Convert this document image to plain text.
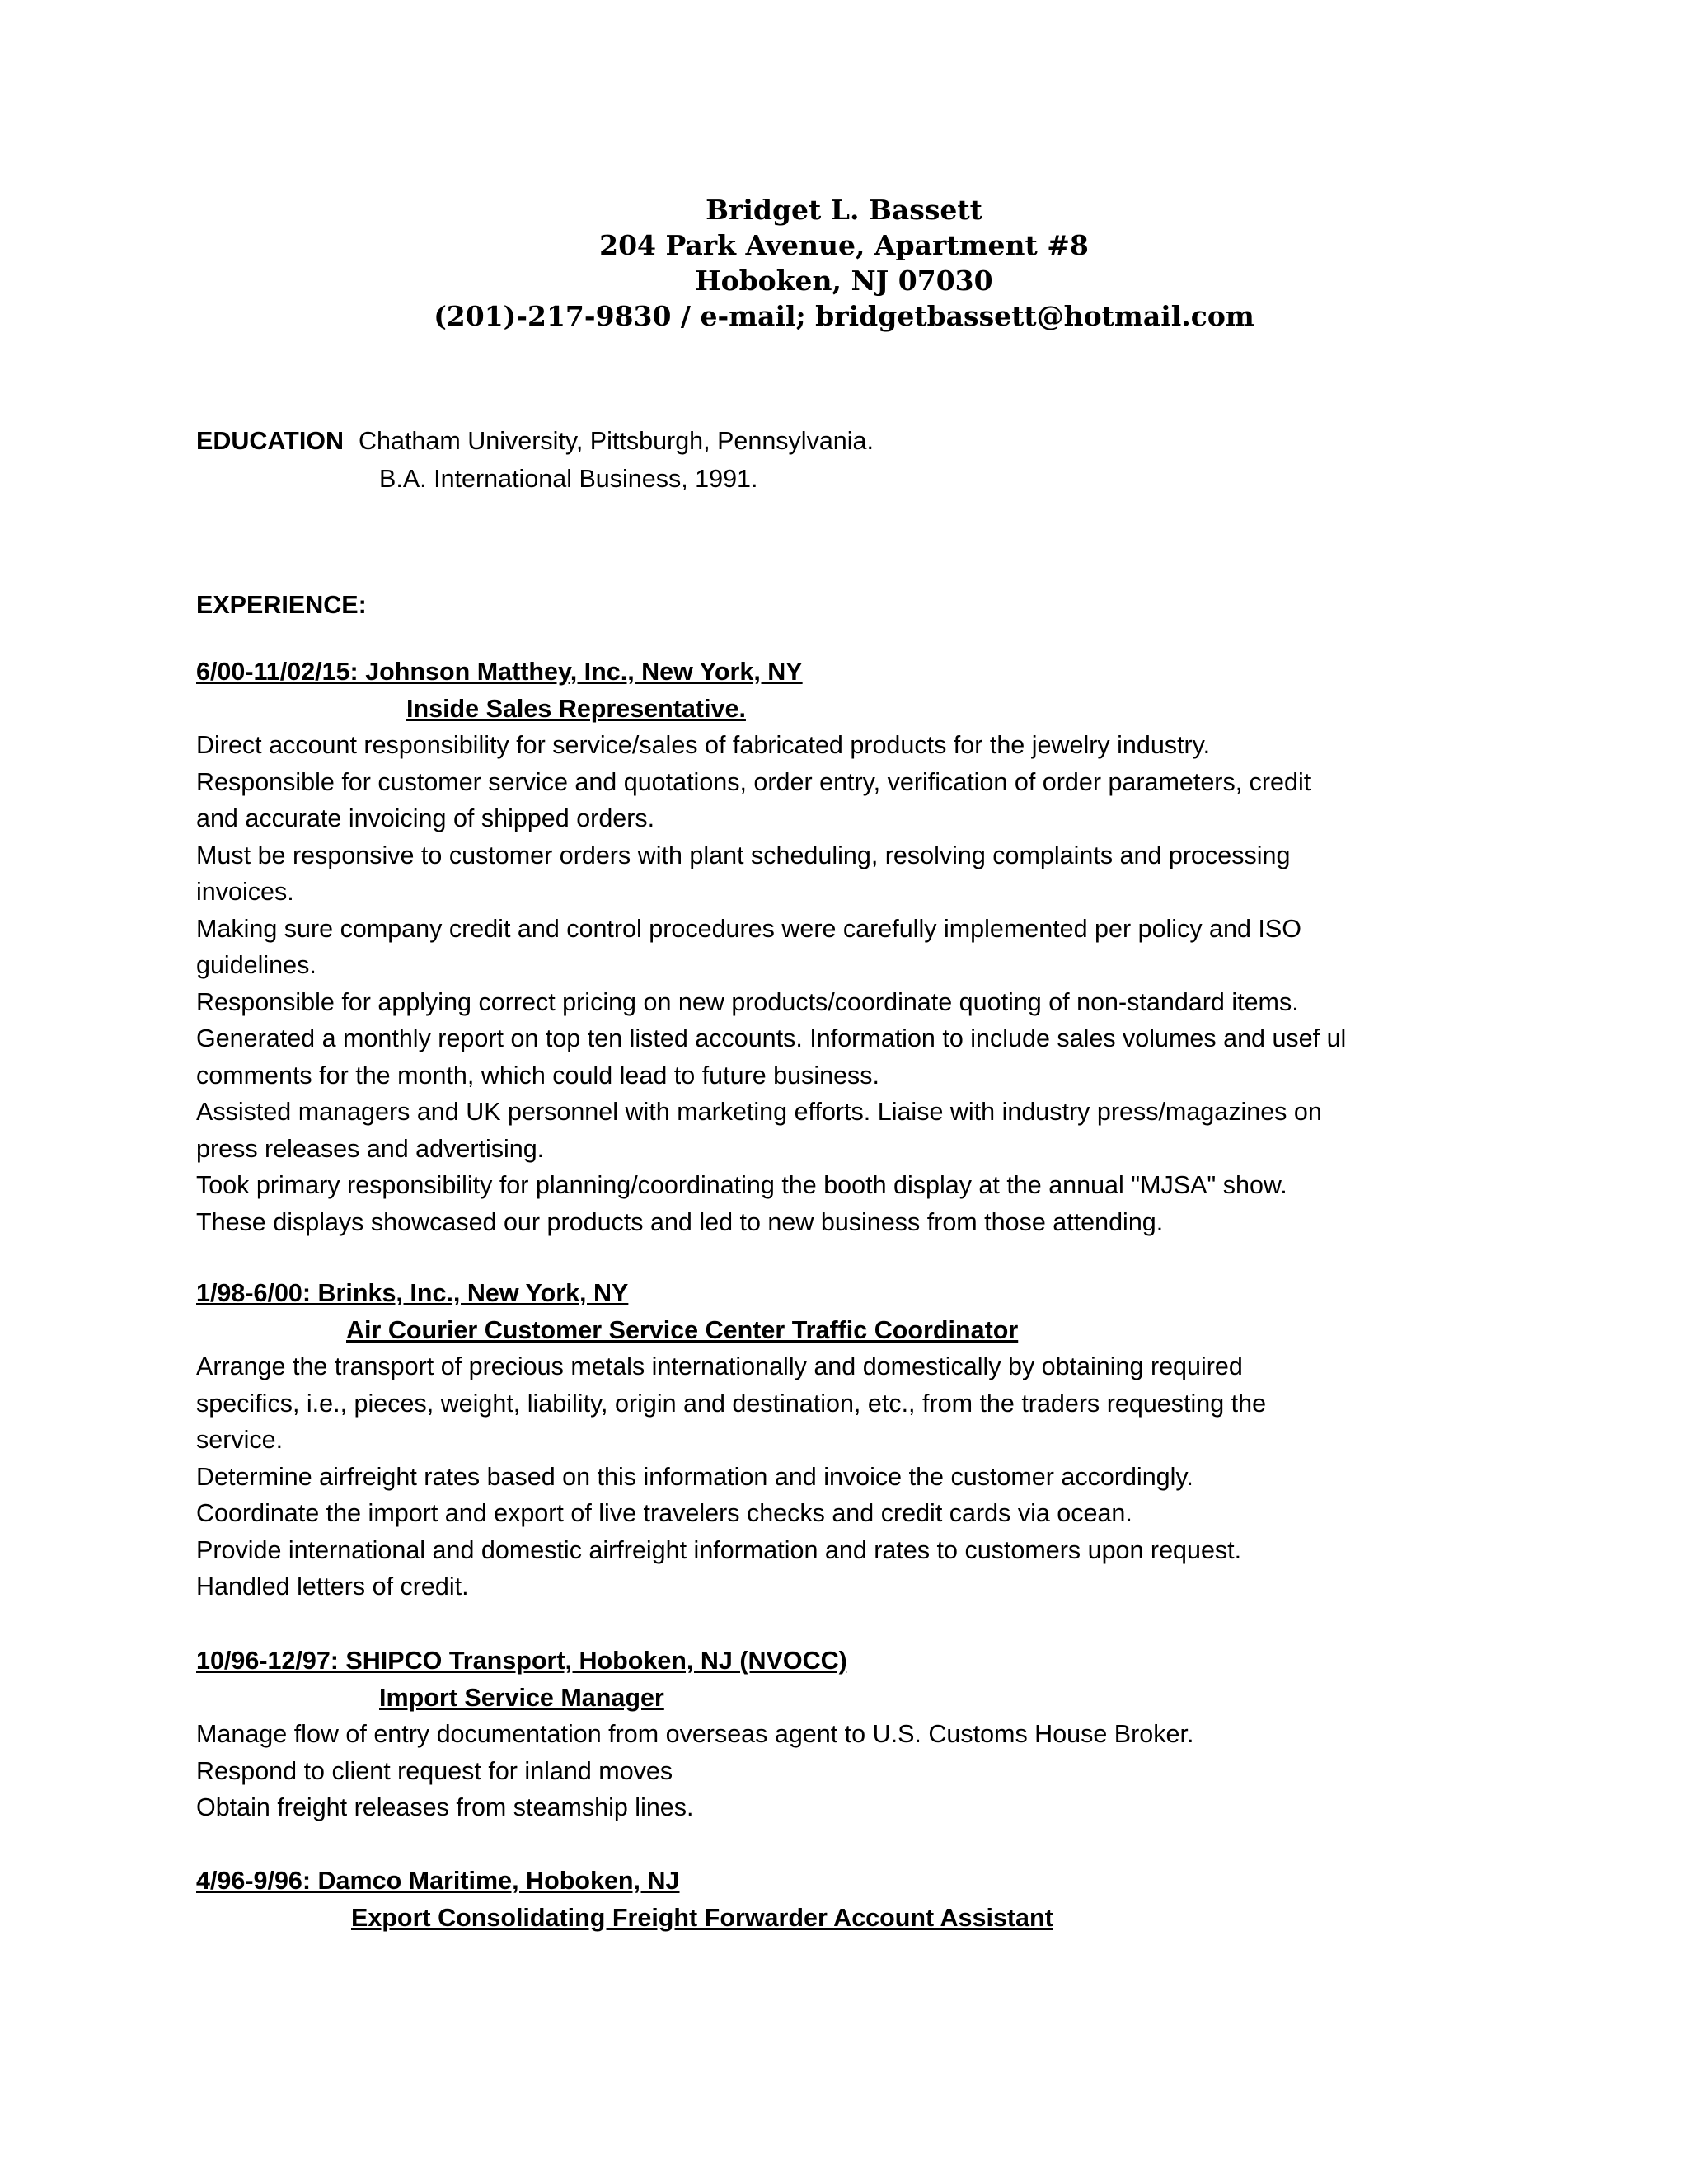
Bridget L. Bassett
204 Park Avenue, Apartment #8
Hoboken, NJ 07030
(201)-217-9830 / e-mail; bridgetbassett@hotmail.com
EDUCATION Chatham University, Pittsburgh, Pennsylvania.
B.A. International Business, 1991.
EXPERIENCE:
6/00-11/02/15: Johnson Matthey, Inc., New York, NY
Inside Sales Representative.
Direct account responsibility for service/sales of fabricated products for the jewelry industry.
Responsible for customer service and quotations, order entry, verification of order parameters, credit
and accurate invoicing of shipped orders.
Must be responsive to customer orders with plant scheduling, resolving complaints and processing
invoices.
Making sure company credit and control procedures were carefully implemented per policy and ISO
guidelines.
Responsible for applying correct pricing on new products/coordinate quoting of non-standard items.
Generated a monthly report on top ten listed accounts. Information to include sales volumes and usef ul
comments for the month, which could lead to future business.
Assisted managers and UK personnel with marketing efforts. Liaise with industry press/magazines on
press releases and advertising.
Took primary responsibility for planning/coordinating the booth display at the annual "MJSA" show.
These displays showcased our products and led to new business from those attending.
1/98-6/00: Brinks, Inc., New York, NY
Air Courier Customer Service Center Traffic Coordinator
Arrange the transport of precious metals internationally and domestically by obtaining required
specifics, i.e., pieces, weight, liability, origin and destination, etc., from the traders requesting the
service.
Determine airfreight rates based on this information and invoice the customer accordingly.
Coordinate the import and export of live travelers checks and credit cards via ocean.
Provide international and domestic airfreight information and rates to customers upon request.
Handled letters of credit.
10/96-12/97: SHIPCO Transport, Hoboken, NJ (NVOCC)
Import Service Manager
Manage flow of entry documentation from overseas agent to U.S. Customs House Broker.
Respond to client request for inland moves
Obtain freight releases from steamship lines.
4/96-9/96: Damco Maritime, Hoboken, NJ
Export Consolidating Freight Forwarder Account Assistant
